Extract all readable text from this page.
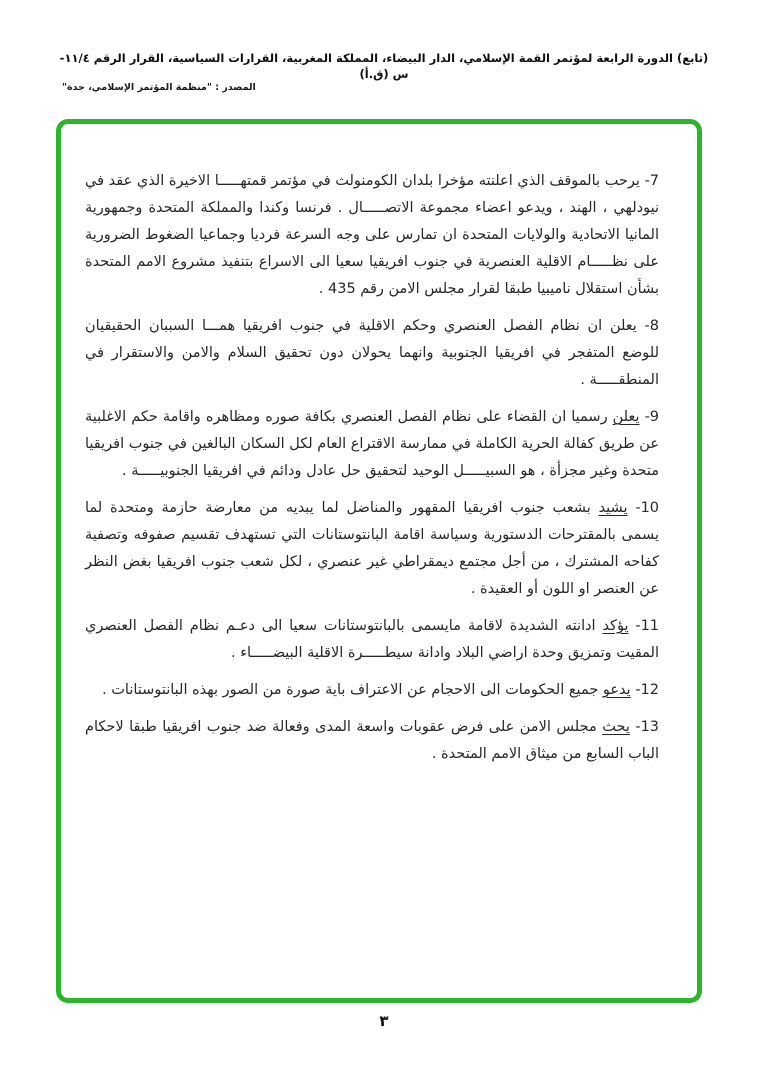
(تابع) الدورة الرابعة لمؤتمر القمة الإسلامي، الدار البيضاء، المملكة المغربية، القرارات السياسية، القرار الرقم ١١/٤-س (ق.أ)
المصدر : "منظمة المؤتمر الإسلامي، جدة"
7- يرحب بالموقف الذي اعلنته مؤخرا بلدان الكومنولث في مؤتمر قمتهـــــا الاخيرة الذي عقد في نيودلهي ، الهند ، ويدعو اعضاء مجموعة الاتصـــــال . فرنسا وكندا والمملكة المتحدة وجمهورية المانيا الاتحادية والولايات المتحدة ان تمارس على وجه السرعة فرديا وجماعيا الضغوط الضرورية على نظـــــام الاقلية العنصرية في جنوب افريقيا سعيا الى الاسراع بتنفيذ مشروع الامم المتحدة بشأن استقلال ناميبيا طبقا لقرار مجلس الامن رقم 435 .
8- يعلن ان نظام الفصل العنصري وحكم الاقلية في جنوب افريقيا همـــا السببان الحقيقيان للوضع المتفجر في افريقيا الجنوبية وانهما يحولان دون تحقيق السلام والامن والاستقرار في المنطقـــــة .
9- يعلن رسميا ان القضاء على نظام الفصل العنصري بكافة صوره ومظاهره واقامة حكم الاغلبية عن طريق كفالة الحرية الكاملة في ممارسة الاقتراع العام لكل السكان البالغين في جنوب افريقيا متحدة وغير مجزأة ، هو السبيـــــل الوحيد لتحقيق حل عادل ودائم في افريقيا الجنوبيـــــة .
10- يشيد بشعب جنوب افريقيا المقهور والمناضل لما يبديه من معارضة حازمة ومتحدة لما يسمى بالمقترحات الدستورية وسياسة اقامة البانتوستانات التي تستهدف تقسيم صفوفه وتصفية كفاحه المشترك ، من أجل مجتمع ديمقراطي غير عنصري ، لكل شعب جنوب افريقيا بغض النظر عن العنصر او اللون أو العقيدة .
11- يؤكد ادانته الشديدة لاقامة مايسمى بالبانتوستانات سعيا الى دعـم نظام الفصل العنصري المقيت وتمزيق وحدة اراضي البلاد وادانة سيطـــــرة الاقلية البيضـــــاء .
12- يدعو جميع الحكومات الى الاحجام عن الاعتراف باية صورة من الصور بهذه البانتوستانات .
13- يحث مجلس الامن على فرض عقوبات واسعة المدى وفعالة ضد جنوب افريقيا طبقا لاحكام الباب السابع من ميثاق الامم المتحدة .
٣
